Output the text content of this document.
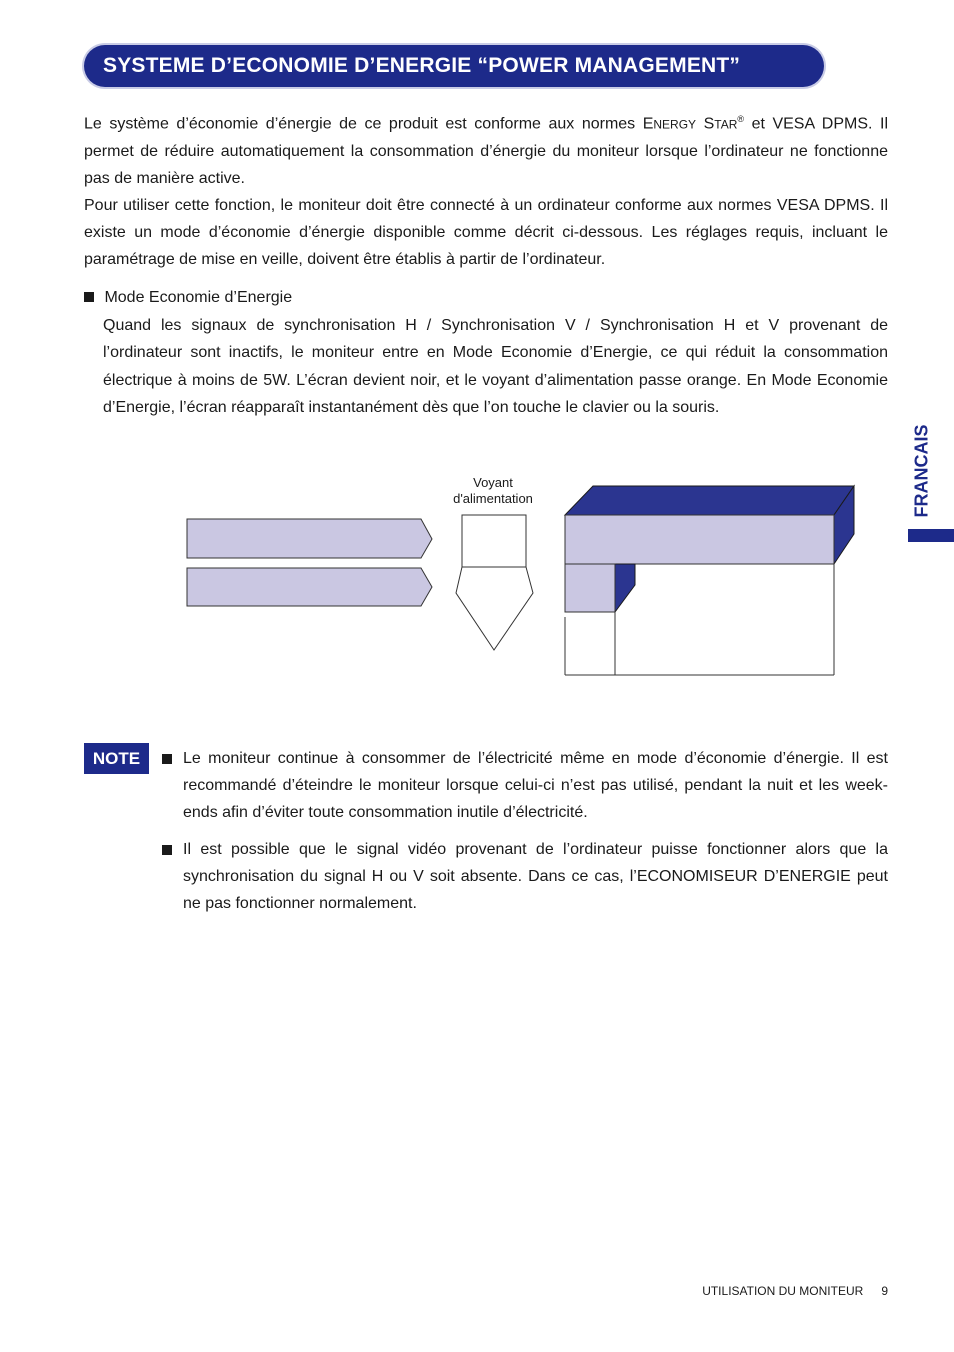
SYSTEME D’ECONOMIE D’ENERGIE “POWER MANAGEMENT”

Le système d’économie d’énergie de ce produit est conforme aux normes ENERGY STAR® et VESA DPMS. Il permet de réduire automatiquement la consommation d’énergie du moniteur lorsque l’ordinateur ne fonctionne pas de manière active.

Pour utiliser cette fonction, le moniteur doit être connecté à un ordinateur conforme aux normes VESA DPMS. Il existe un mode d’économie d’énergie disponible comme décrit ci-dessous. Les réglages requis, incluant le paramétrage de mise en veille, doivent être établis à partir de l’ordinateur.

Mode Economie d’Energie
Quand les signaux de synchronisation H / Synchronisation V / Synchronisation H et V provenant de l’ordinateur sont inactifs, le moniteur entre en Mode Economie d’Energie, ce qui réduit la consommation électrique à moins de 5W. L’écran devient noir, et le voyant d’alimentation passe orange. En Mode Economie d’Energie, l’écran réapparaît instantanément dès que l’on touche le clavier ou la souris.
FRANCAIS
Voyant
d'alimentation
NOTE	Le moniteur continue à consommer de l’électricité même en mode d’économie d’énergie. Il est recommandé d’éteindre le moniteur lorsque celui-ci n’est pas utilisé, pendant la nuit et les week-ends afin d’éviter toute consommation inutile d’électricité.

Il est possible que le signal vidéo provenant de l’ordinateur puisse fonctionner alors que la synchronisation du signal H ou V soit absente. Dans ce cas, l’ECONOMISEUR D’ENERGIE peut ne pas fonctionner normalement.

UTILISATION DU MONITEUR 9
